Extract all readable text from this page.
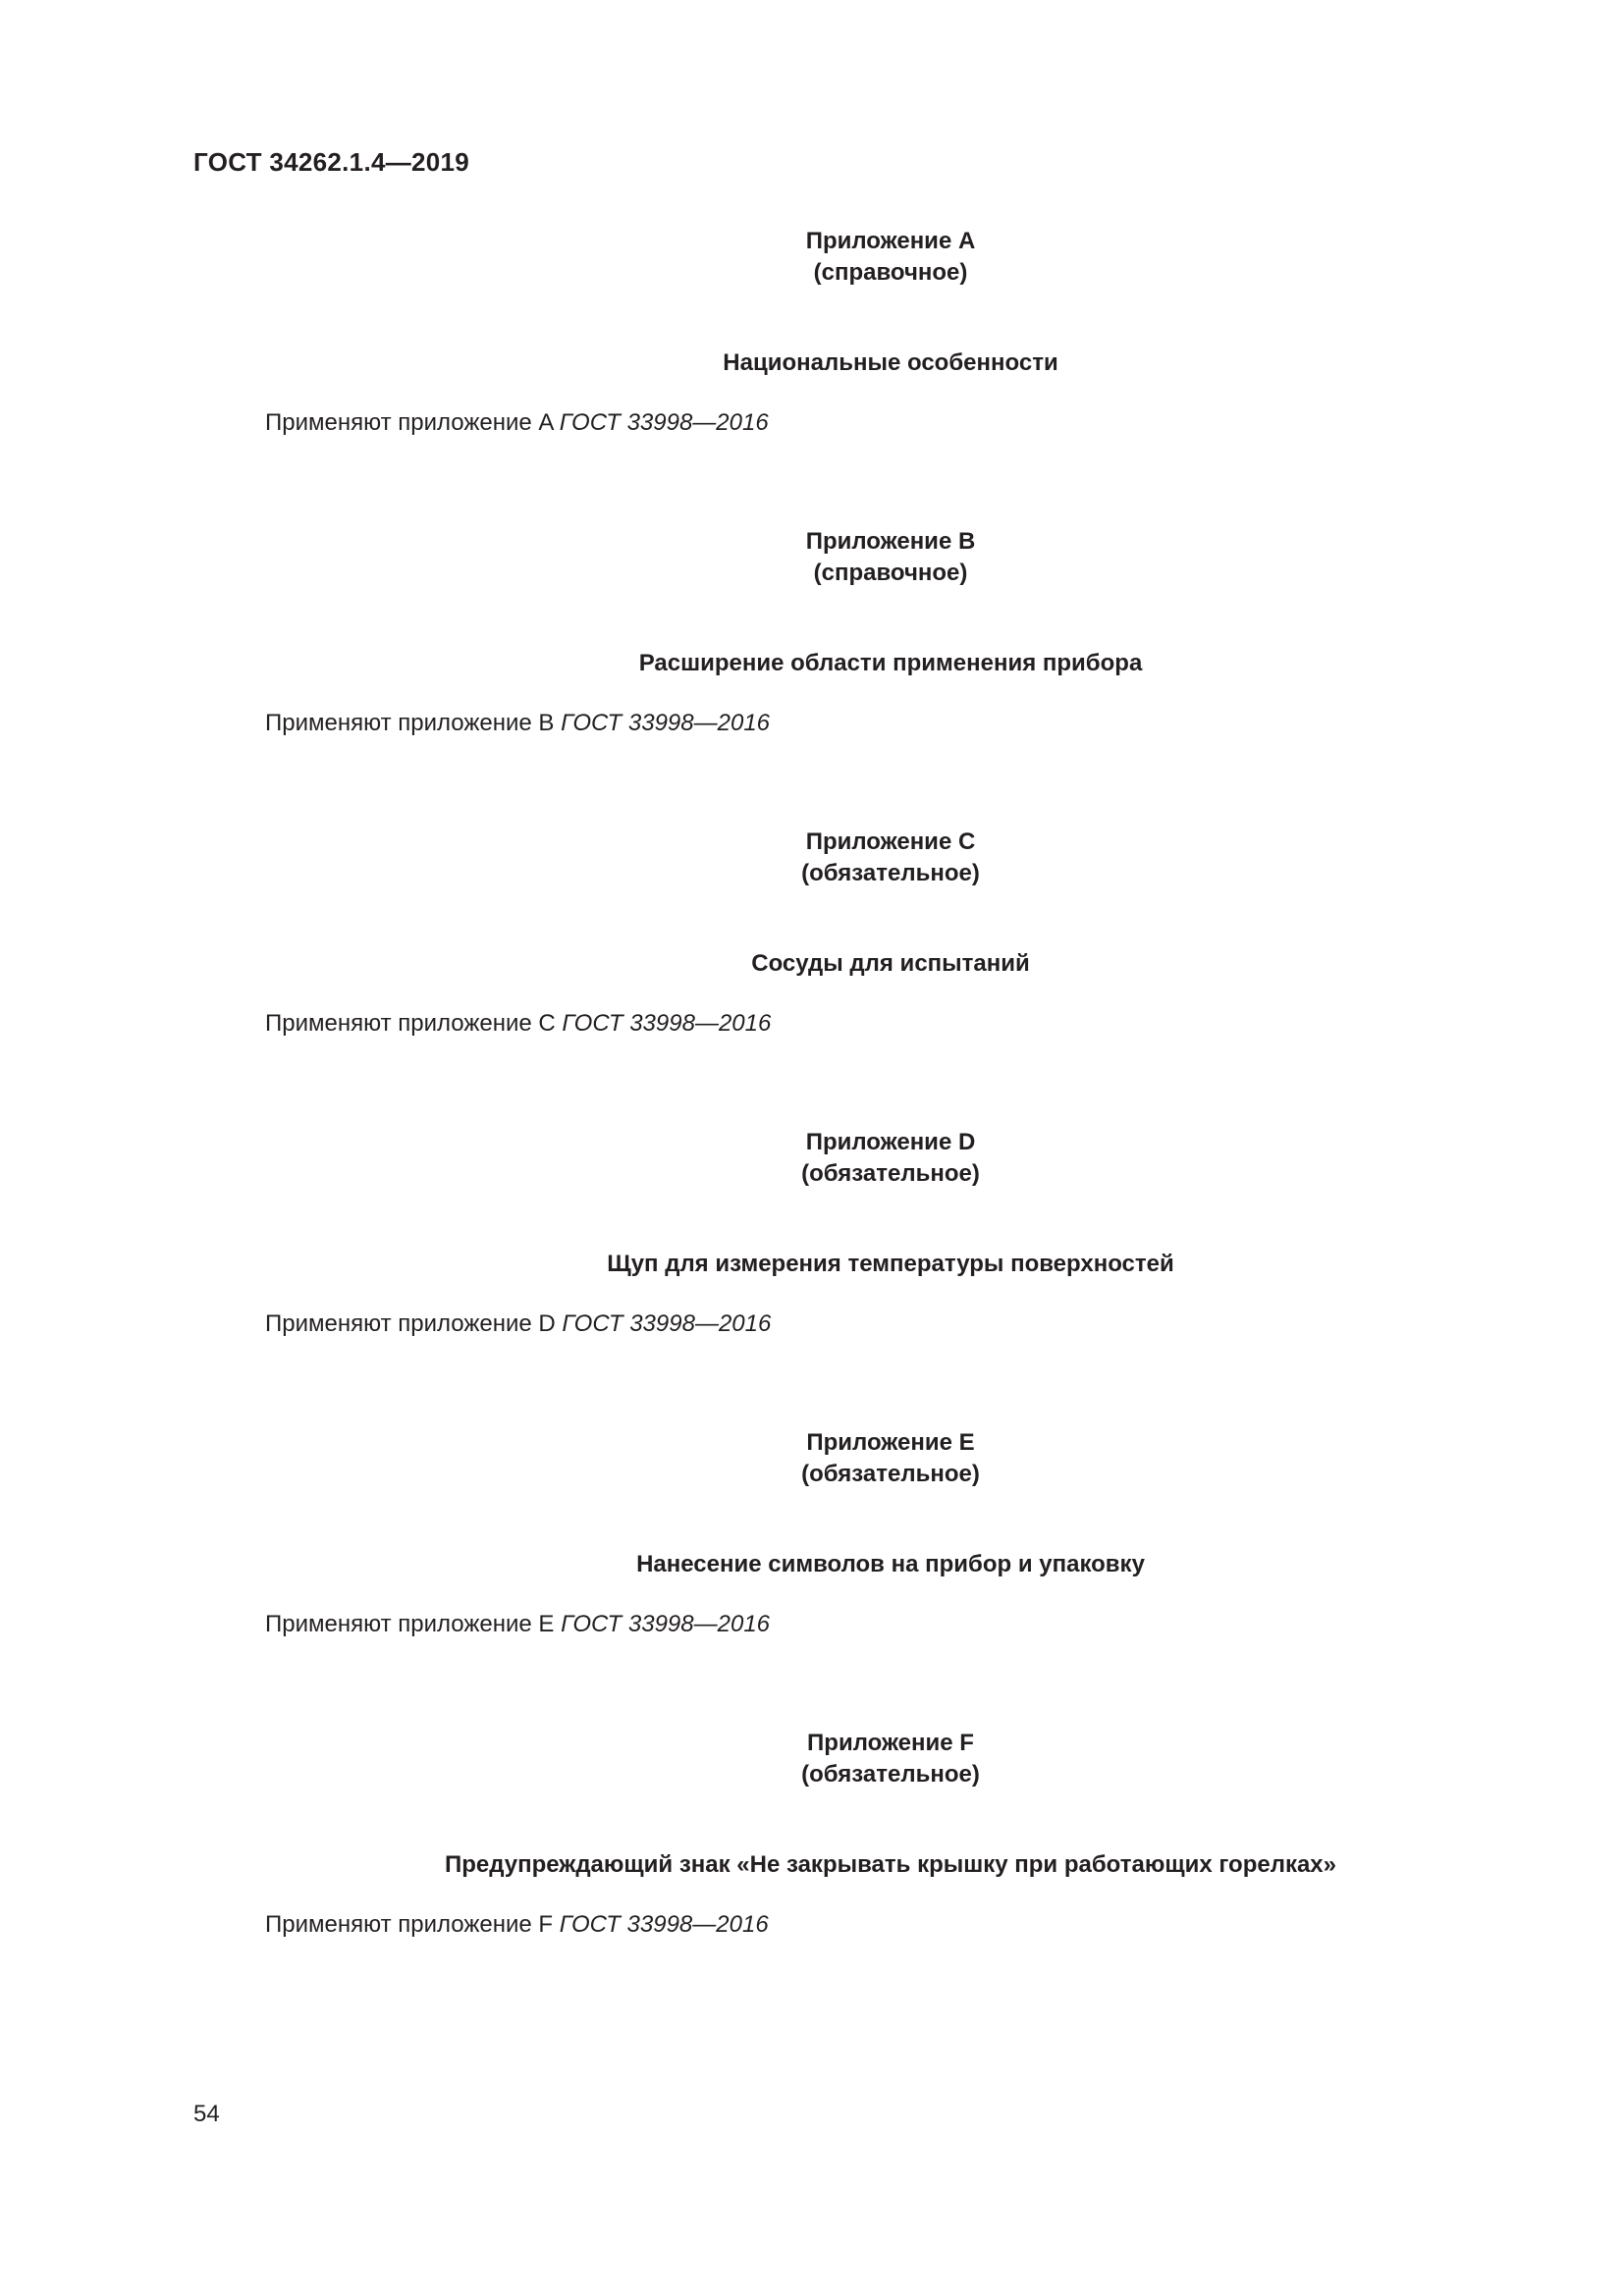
ГОСТ 34262.1.4—2019
Приложение A
(справочное)
Национальные особенности
Применяют приложение A ГОСТ 33998—2016
Приложение B
(справочное)
Расширение области применения прибора
Применяют приложение B ГОСТ 33998—2016
Приложение C
(обязательное)
Сосуды для испытаний
Применяют приложение C ГОСТ 33998—2016
Приложение D
(обязательное)
Щуп для измерения температуры поверхностей
Применяют приложение D ГОСТ 33998—2016
Приложение E
(обязательное)
Нанесение символов на прибор и упаковку
Применяют приложение E ГОСТ 33998—2016
Приложение F
(обязательное)
Предупреждающий знак «Не закрывать крышку при работающих горелках»
Применяют приложение F ГОСТ 33998—2016
54
